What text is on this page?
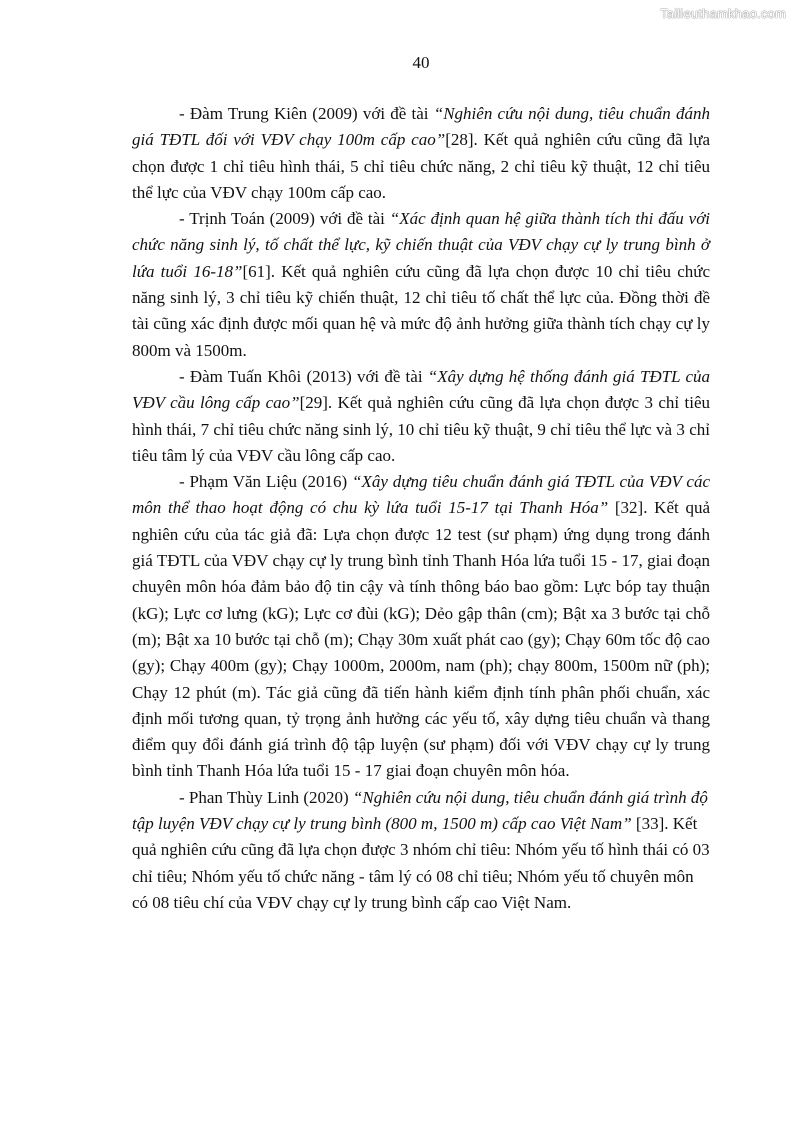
Tailieuthamkhao.com
40

- Đàm Trung Kiên (2009) với đề tài “Nghiên cứu nội dung, tiêu chuẩn đánh giá TĐTL đối với VĐV chạy 100m cấp cao”[28]. Kết quả nghiên cứu cũng đã lựa chọn được 1 chỉ tiêu hình thái, 5 chỉ tiêu chức năng, 2 chỉ tiêu kỹ thuật, 12 chỉ tiêu thể lực của VĐV chạy 100m cấp cao.

- Trịnh Toán (2009) với đề tài “Xác định quan hệ giữa thành tích thi đấu với chức năng sinh lý, tố chất thể lực, kỹ chiến thuật của VĐV chạy cự ly trung bình ở lứa tuổi 16-18”[61]. Kết quả nghiên cứu cũng đã lựa chọn được 10 chỉ tiêu chức năng sinh lý, 3 chỉ tiêu kỹ chiến thuật, 12 chỉ tiêu tố chất thể lực của. Đồng thời đề tài cũng xác định được mối quan hệ và mức độ ảnh hưởng giữa thành tích chạy cự ly 800m và 1500m.

- Đàm Tuấn Khôi (2013) với đề tài “Xây dựng hệ thống đánh giá TĐTL của VĐV cầu lông cấp cao”[29]. Kết quả nghiên cứu cũng đã lựa chọn được 3 chỉ tiêu hình thái, 7 chỉ tiêu chức năng sinh lý, 10 chỉ tiêu kỹ thuật, 9 chỉ tiêu thể lực và 3 chỉ tiêu tâm lý của VĐV cầu lông cấp cao.

- Phạm Văn Liệu (2016) “Xây dựng tiêu chuẩn đánh giá TĐTL của VĐV các môn thể thao hoạt động có chu kỳ lứa tuổi 15-17 tại Thanh Hóa” [32]. Kết quả nghiên cứu của tác giả đã: Lựa chọn được 12 test (sư phạm) ứng dụng trong đánh giá TĐTL của VĐV chạy cự ly trung bình tỉnh Thanh Hóa lứa tuổi 15 - 17, giai đoạn chuyên môn hóa đảm bảo độ tin cậy và tính thông báo bao gồm: Lực bóp tay thuận (kG); Lực cơ lưng (kG); Lực cơ đùi (kG); Dẻo gập thân (cm); Bật xa 3 bước tại chỗ (m); Bật xa 10 bước tại chỗ (m); Chạy 30m xuất phát cao (gy); Chạy 60m tốc độ cao (gy); Chạy 400m (gy); Chạy 1000m, 2000m, nam (ph); chạy 800m, 1500m nữ (ph); Chạy 12 phút (m). Tác giả cũng đã tiến hành kiểm định tính phân phối chuẩn, xác định mối tương quan, tỷ trọng ảnh hưởng các yếu tố, xây dựng tiêu chuẩn và thang điểm quy đổi đánh giá trình độ tập luyện (sư phạm) đối với VĐV chạy cự ly trung bình tỉnh Thanh Hóa lứa tuổi 15 - 17 giai đoạn chuyên môn hóa.

- Phan Thùy Linh (2020) “Nghiên cứu nội dung, tiêu chuẩn đánh giá trình độ tập luyện VĐV chạy cự ly trung bình (800 m, 1500 m) cấp cao Việt Nam” [33]. Kết quả nghiên cứu cũng đã lựa chọn được 3 nhóm chỉ tiêu: Nhóm yếu tố hình thái có 03 chỉ tiêu; Nhóm yếu tố chức năng - tâm lý có 08 chỉ tiêu; Nhóm yếu tố chuyên môn có 08 tiêu chí của VĐV chạy cự ly trung bình cấp cao Việt Nam.
